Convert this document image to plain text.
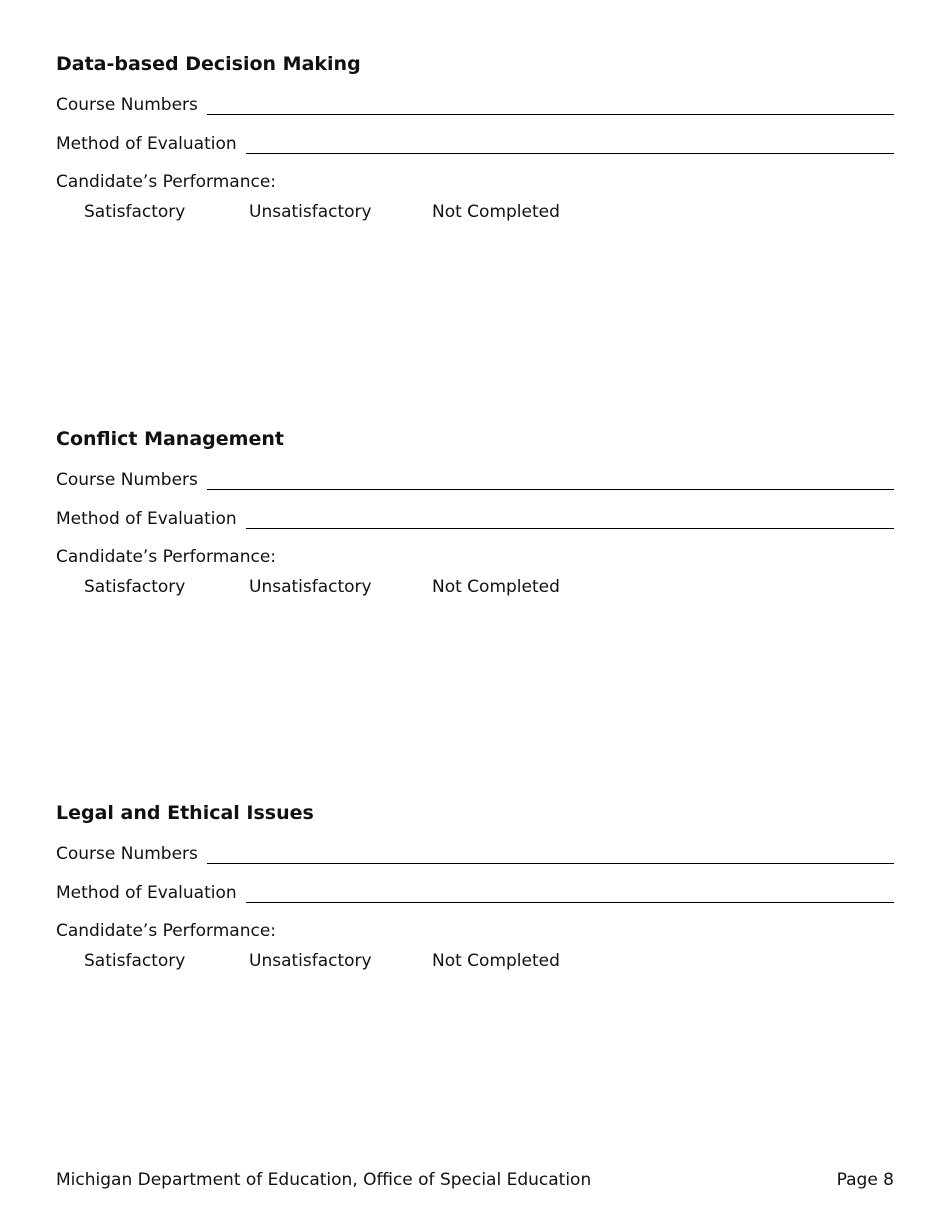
Data-based Decision Making
Course Numbers
Method of Evaluation
Candidate’s Performance:
Satisfactory	Unsatisfactory	Not Completed
Conflict Management
Course Numbers
Method of Evaluation
Candidate’s Performance:
Satisfactory	Unsatisfactory	Not Completed
Legal and Ethical Issues
Course Numbers
Method of Evaluation
Candidate’s Performance:
Satisfactory	Unsatisfactory	Not Completed
Michigan Department of Education, Office of Special Education	Page 8
